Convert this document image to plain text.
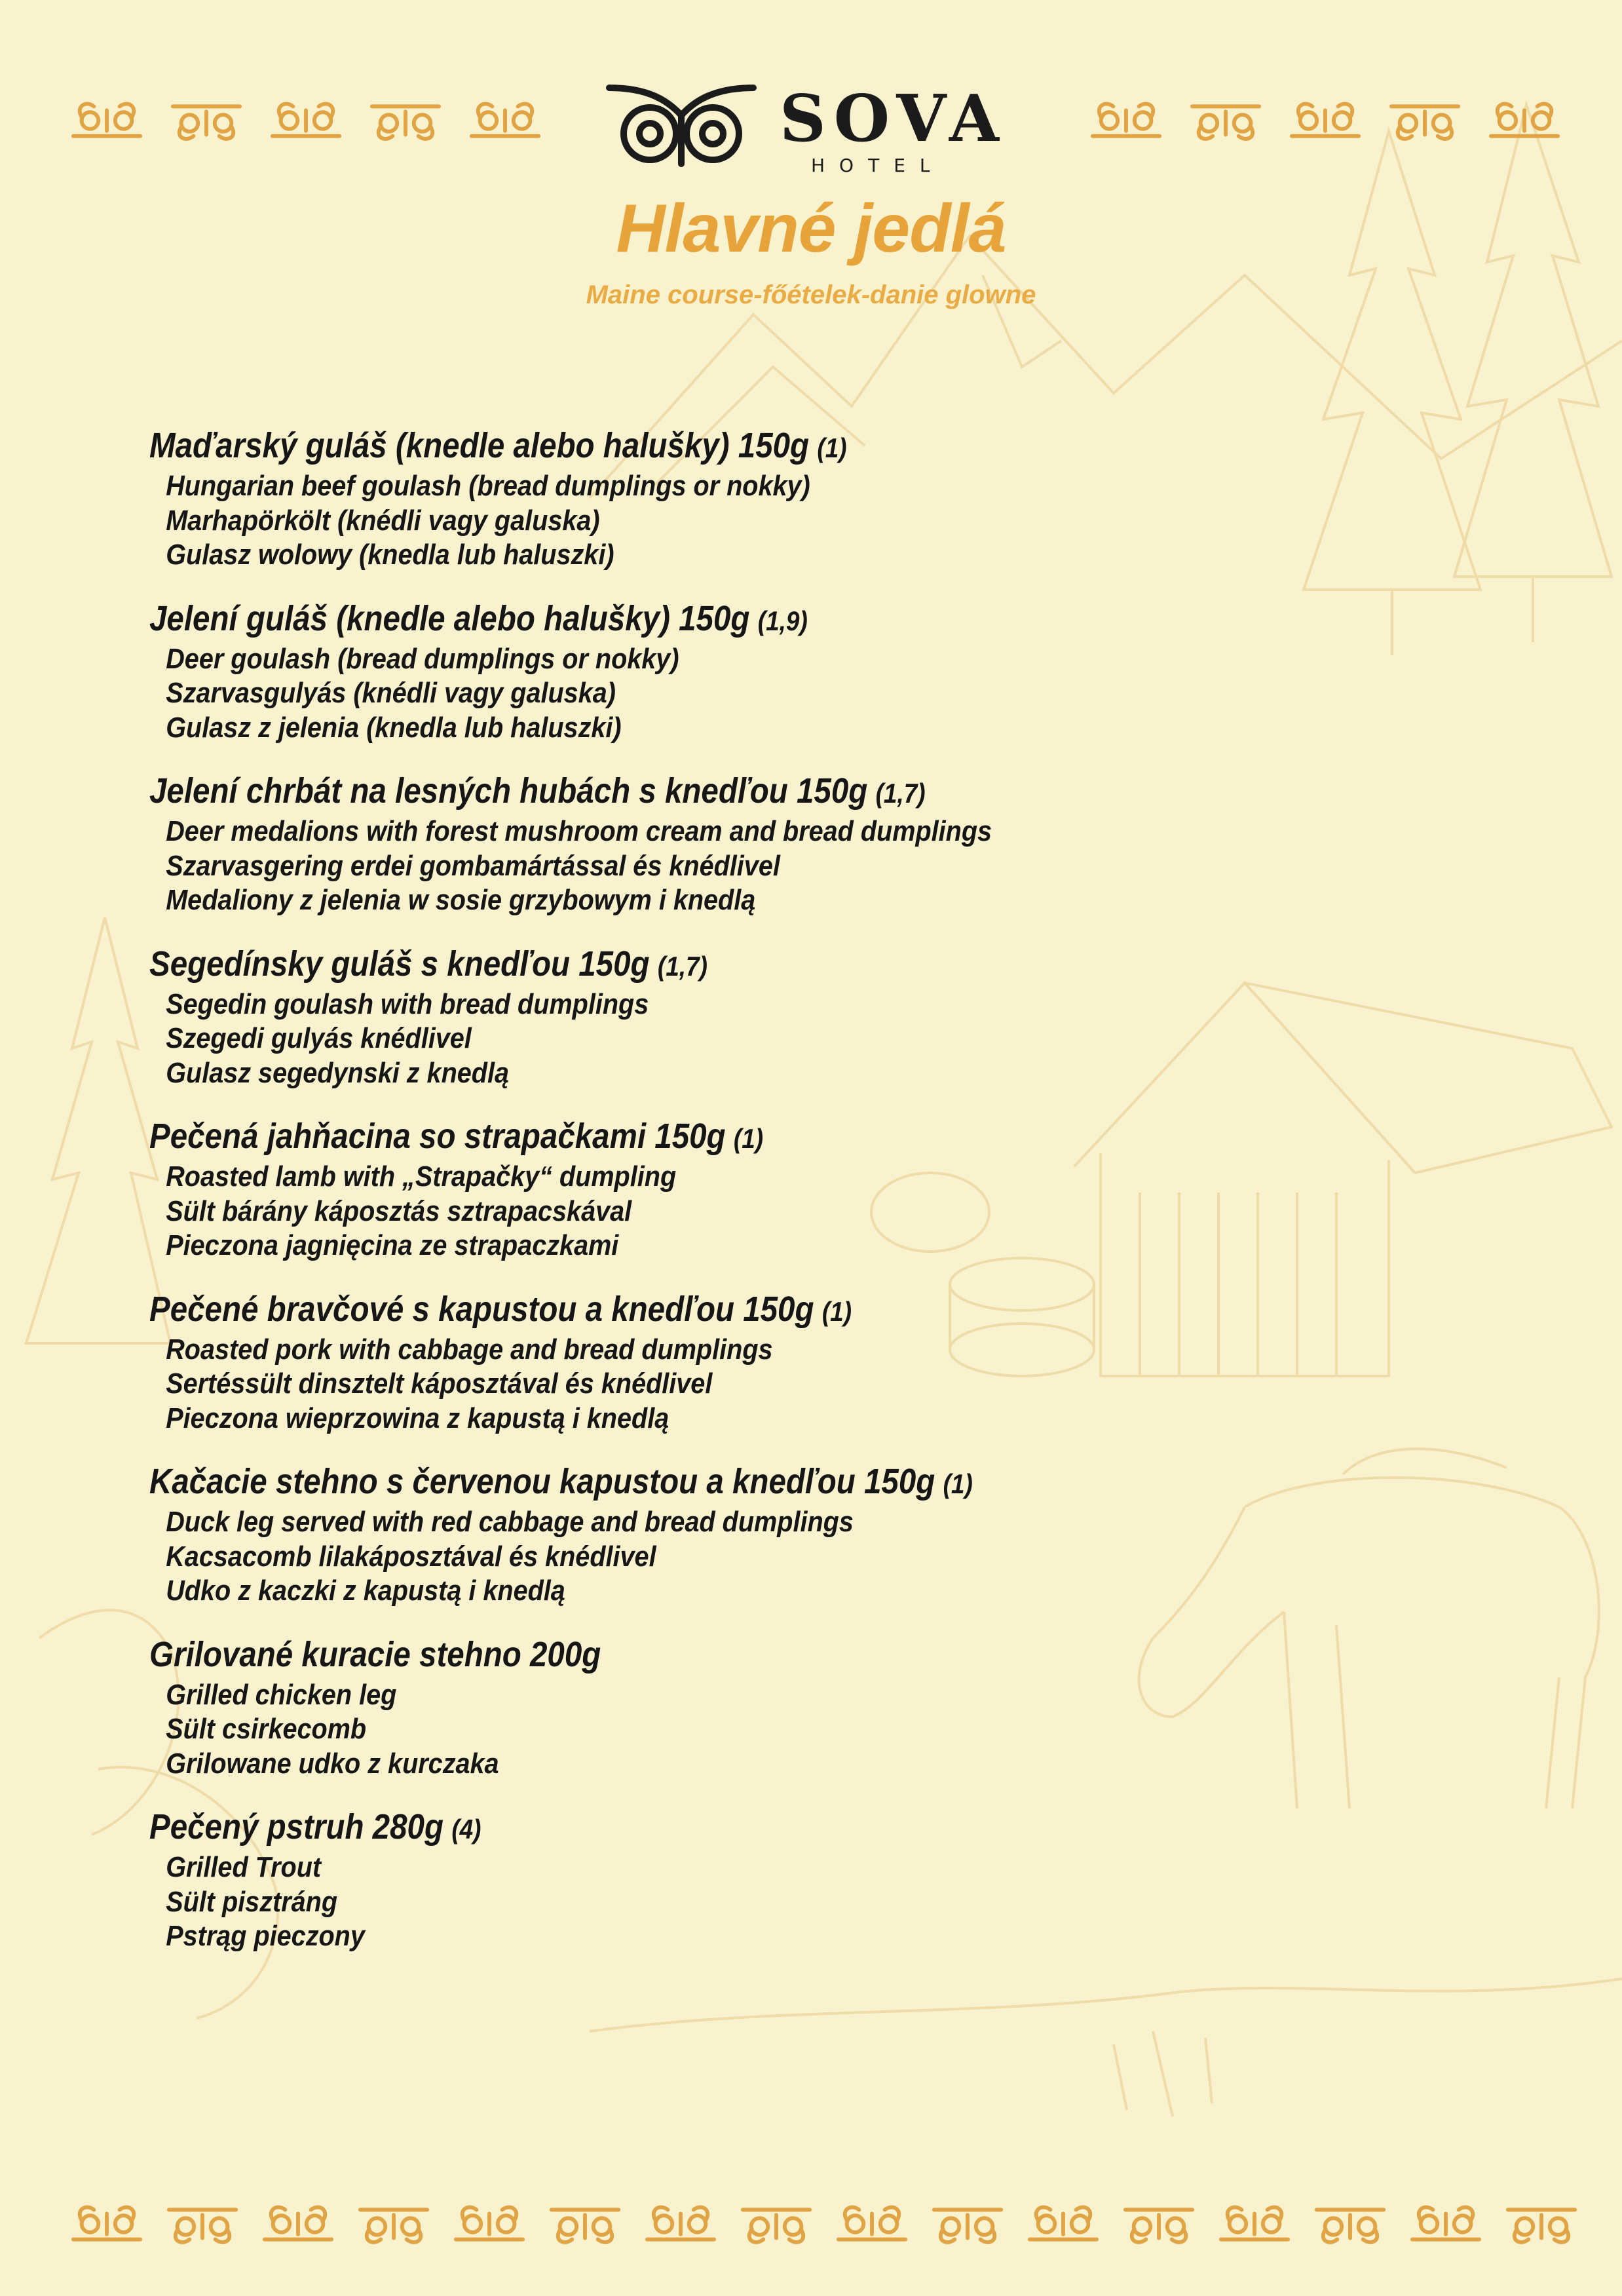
SOVA
HOTEL
Hlavné jedlá
Maine course-főételek-danie glowne
Maďarský guláš (knedle alebo halušky) 150g (1)
Hungarian beef goulash (bread dumplings or nokky)
Marhapörkölt (knédli vagy galuska)
Gulasz wolowy (knedla lub haluszki)
Jelení guláš (knedle alebo halušky) 150g (1,9)
Deer goulash (bread dumplings or nokky)
Szarvasgulyás (knédli vagy galuska)
Gulasz z jelenia (knedla lub haluszki)
Jelení chrbát na lesných hubách s knedľou 150g (1,7)
Deer medalions with forest mushroom cream and bread dumplings
Szarvasgering erdei gombamártással és knédlivel
Medaliony z jelenia w sosie grzybowym i knedlą
Segedínsky guláš s knedľou 150g (1,7)
Segedin goulash with bread dumplings
Szegedi gulyás knédlivel
Gulasz segedynski z knedlą
Pečená jahňacina so strapačkami 150g (1)
Roasted lamb with „Strapačky“ dumpling
Sült bárány káposztás sztrapacskával
Pieczona jagnięcina ze strapaczkami
Pečené bravčové s kapustou a knedľou 150g (1)
Roasted pork with cabbage and bread dumplings
Sertéssült dinsztelt káposztával és knédlivel
Pieczona wieprzowina z kapustą i knedlą
Kačacie stehno s červenou kapustou a knedľou 150g (1)
Duck leg served with red cabbage and bread dumplings
Kacsacomb lilakáposztával és knédlivel
Udko z kaczki z kapustą i knedlą
Grilované kuracie stehno 200g
Grilled chicken leg
Sült csirkecomb
Grilowane udko z kurczaka
Pečený pstruh 280g (4)
Grilled Trout
Sült pisztráng
Pstrąg pieczony
